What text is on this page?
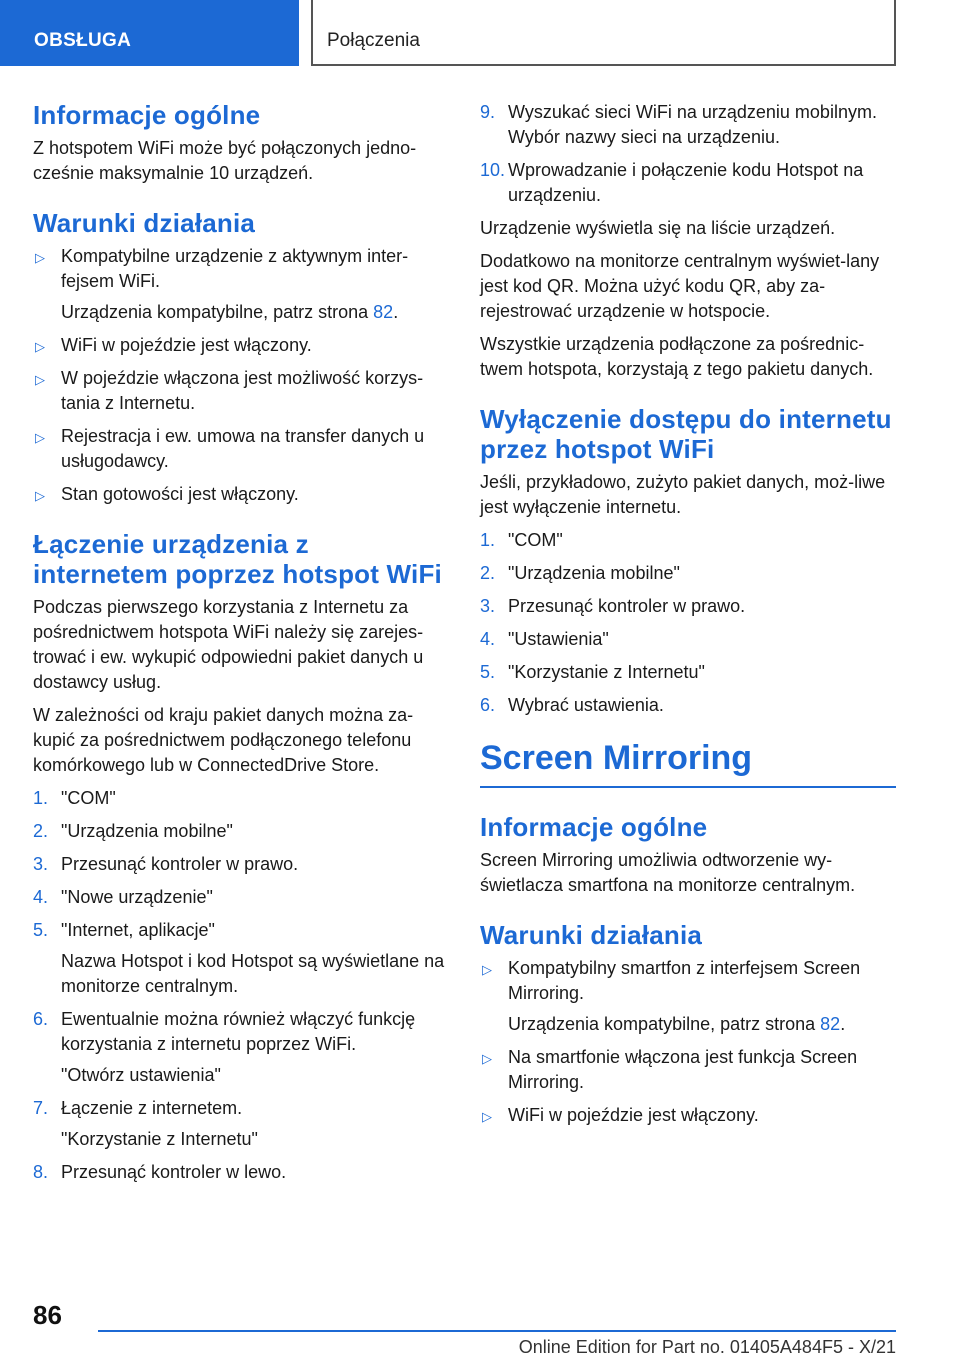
OBSŁUGA	Połączenia
Informacje ogólne

Z hotspotem WiFi może być połączonych jedno-cześnie maksymalnie 10 urządzeń.

Warunki działania
▷ Kompatybilne urządzenie z aktywnym inter-fejsem WiFi.
Urządzenia kompatybilne, patrz strona 82.
▷ WiFi w pojeździe jest włączony.
▷ W pojeździe włączona jest możliwość korzys-tania z Internetu.
▷ Rejestracja i ew. umowa na transfer danych u usługodawcy.
▷ Stan gotowości jest włączony.
Łączenie urządzenia z internetem poprzez hotspot WiFi

Podczas pierwszego korzystania z Internetu za pośrednictwem hotspota WiFi należy się zarejes-trować i ew. wykupić odpowiedni pakiet danych u dostawcy usług.

W zależności od kraju pakiet danych można za-kupić za pośrednictwem podłączonego telefonu komórkowego lub w ConnectedDrive Store.

1. "COM"
2. "Urządzenia mobilne"
3. Przesunąć kontroler w prawo.
4. "Nowe urządzenie"
5. "Internet, aplikacje"
Nazwa Hotspot i kod Hotspot są wyświetlane na monitorze centralnym.
6. Ewentualnie można również włączyć funkcję korzystania z internetu poprzez WiFi.
"Otwórz ustawienia"
7. Łączenie z internetem.
"Korzystanie z Internetu"
8. Przesunąć kontroler w lewo.
9. Wyszukać sieci WiFi na urządzeniu mobilnym. Wybór nazwy sieci na urządzeniu.
10. Wprowadzanie i połączenie kodu Hotspot na urządzeniu.

Urządzenie wyświetla się na liście urządzeń.

Dodatkowo na monitorze centralnym wyświet-lany jest kod QR. Można użyć kodu QR, aby za-rejestrować urządzenie w hotspocie.

Wszystkie urządzenia podłączone za pośrednic-twem hotspota, korzystają z tego pakietu danych.

Wyłączenie dostępu do internetu przez hotspot WiFi

Jeśli, przykładowo, zużyto pakiet danych, moż-liwe jest wyłączenie internetu.

1. "COM"
2. "Urządzenia mobilne"
3. Przesunąć kontroler w prawo.
4. "Ustawienia"
5. "Korzystanie z Internetu"
6. Wybrać ustawienia.
Screen Mirroring
Informacje ogólne

Screen Mirroring umożliwia odtworzenie wy-świetlacza smartfona na monitorze centralnym.

Warunki działania
▷ Kompatybilny smartfon z interfejsem Screen Mirroring.
Urządzenia kompatybilne, patrz strona 82.
▷ Na smartfonie włączona jest funkcja Screen Mirroring.
▷ WiFi w pojeździe jest włączony.
86
Online Edition for Part no. 01405A484F5 - X/21
